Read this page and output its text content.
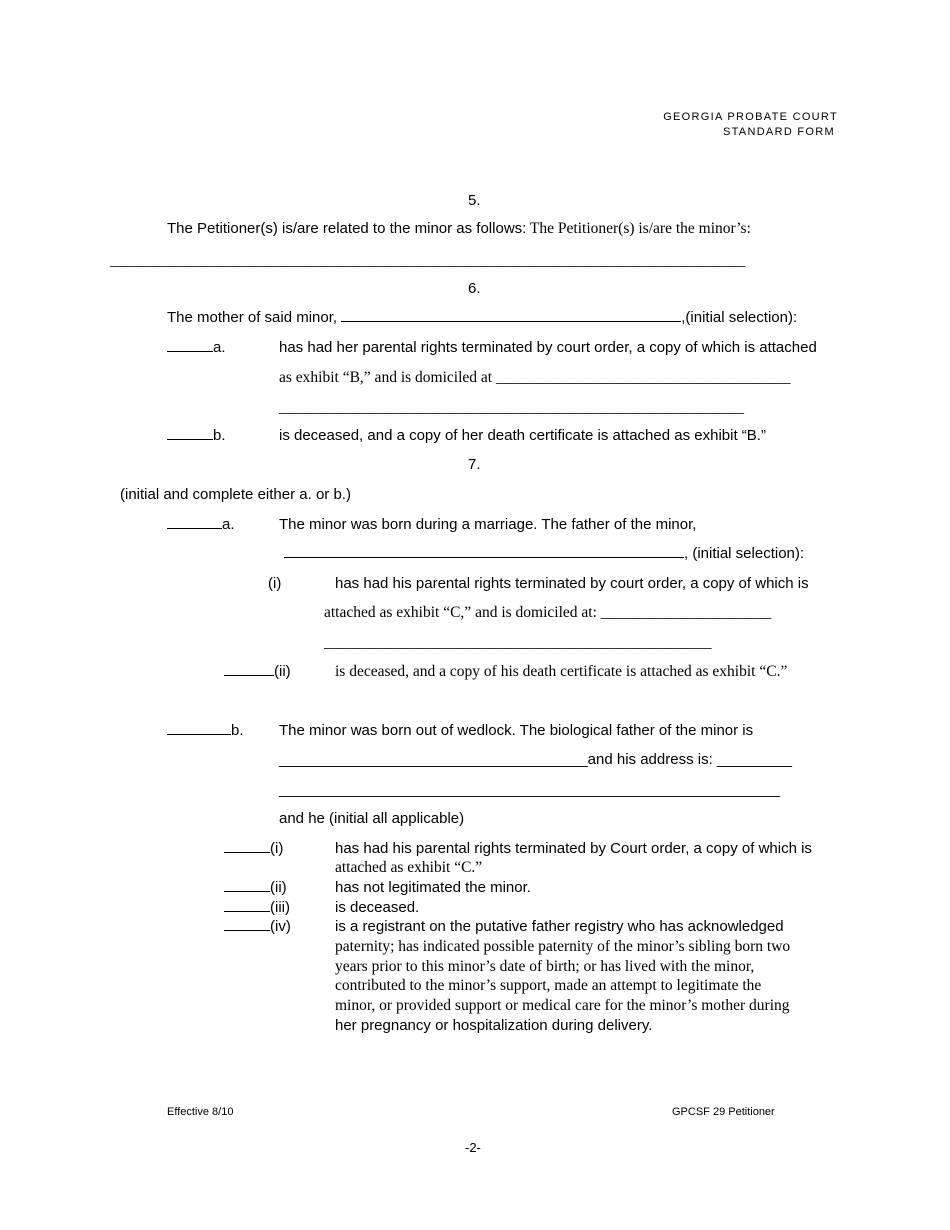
GEORGIA PROBATE COURT
STANDARD FORM
5.
The Petitioner(s) is/are related to the minor as follows: The Petitioner(s) is/are the minor’s:
__________________________________________________________________________________
6.
The mother of said minor,	,(initial selection):
a.	has had her parental rights terminated by court order, a copy of which is attached
as exhibit “B,” and is domiciled at ______________________________________
____________________________________________________________
b.	is deceased, and a copy of her death certificate is attached as exhibit “B.”
7.
(initial and complete either a. or b.)
a.	The minor was born during a marriage. The father of the minor,
, (initial selection):
(i)	has had his parental rights terminated by court order, a copy of which is
attached as exhibit “C,” and is domiciled at: ______________________
__________________________________________________
(ii)	is deceased, and a copy of his death certificate is attached as exhibit “C.”
b. The minor was born out of wedlock. The biological father of the minor is
_____________________________________and his address is: _________
____________________________________________________________
and he (initial all applicable)
(i)	has had his parental rights terminated by Court order, a copy of which is
attached as exhibit “C.”
(ii)	has not legitimated the minor.
(iii)	is deceased.
(iv)	is a registrant on the putative father registry who has acknowledged
paternity; has indicated possible paternity of the minor’s sibling born two
years prior to this minor’s date of birth; or has lived with the minor,
contributed to the minor’s support, made an attempt to legitimate the
minor, or provided support or medical care for the minor’s mother during
her pregnancy or hospitalization during delivery.
Effective 8/10	GPCSF 29 Petitioner
-2-
